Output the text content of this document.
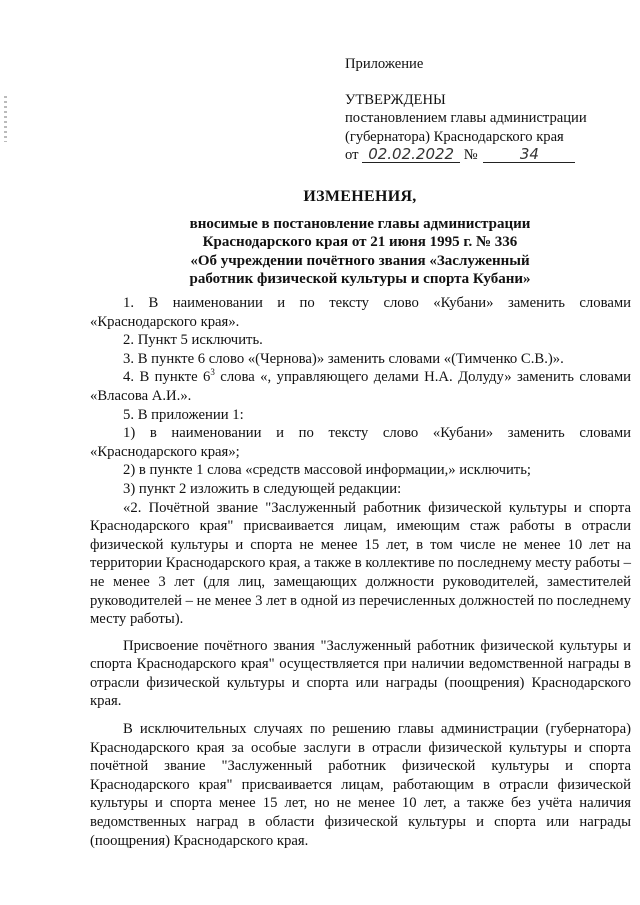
Приложение
УТВЕРЖДЕНЫ
постановлением главы администрации
(губернатора) Краснодарского края
от 02.02.2022 №	34
ИЗМЕНЕНИЯ,
вносимые в постановление главы администрации
Краснодарского края от 21 июня 1995 г. № 336
«Об учреждении почётного звания «Заслуженный
работник физической культуры и спорта Кубани»

1. В наименовании и по тексту слово «Кубани» заменить словами «Краснодарского края».

2. Пункт 5 исключить.

3. В пункте 6 слово «(Чернова)» заменить словами «(Тимченко С.В.)».

4. В пункте $6^3$ слова «, управляющего делами Н.А. Долуду» заменить словами «Власова А.И.».

5. В приложении 1:

1) в наименовании и по тексту слово «Кубани» заменить словами «Краснодарского края»;

2) в пункте 1 слова «средств массовой информации,» исключить;

3) пункт 2 изложить в следующей редакции:

«2. Почётной звание "Заслуженный работник физической культуры и спорта Краснодарского края" присваивается лицам, имеющим стаж работы в отрасли физической культуры и спорта не менее 15 лет, в том числе не менее 10 лет на территории Краснодарского края, а также в коллективе по последнему месту работы – не менее 3 лет (для лиц, замещающих должности руководителей, заместителей руководителей – не менее 3 лет в одной из перечисленных должностей по последнему месту работы).

Присвоение почётного звания "Заслуженный работник физической культуры и спорта Краснодарского края" осуществляется при наличии ведомственной награды в отрасли физической культуры и спорта или награды (поощрения) Краснодарского края.

В исключительных случаях по решению главы администрации (губернатора) Краснодарского края за особые заслуги в отрасли физической культуры и спорта почётной звание "Заслуженный работник физической культуры и спорта Краснодарского края" присваивается лицам, работающим в отрасли физической культуры и спорта менее 15 лет, но не менее 10 лет, а также без учёта наличия ведомственных наград в области физической культуры и спорта или награды (поощрения) Краснодарского края.
